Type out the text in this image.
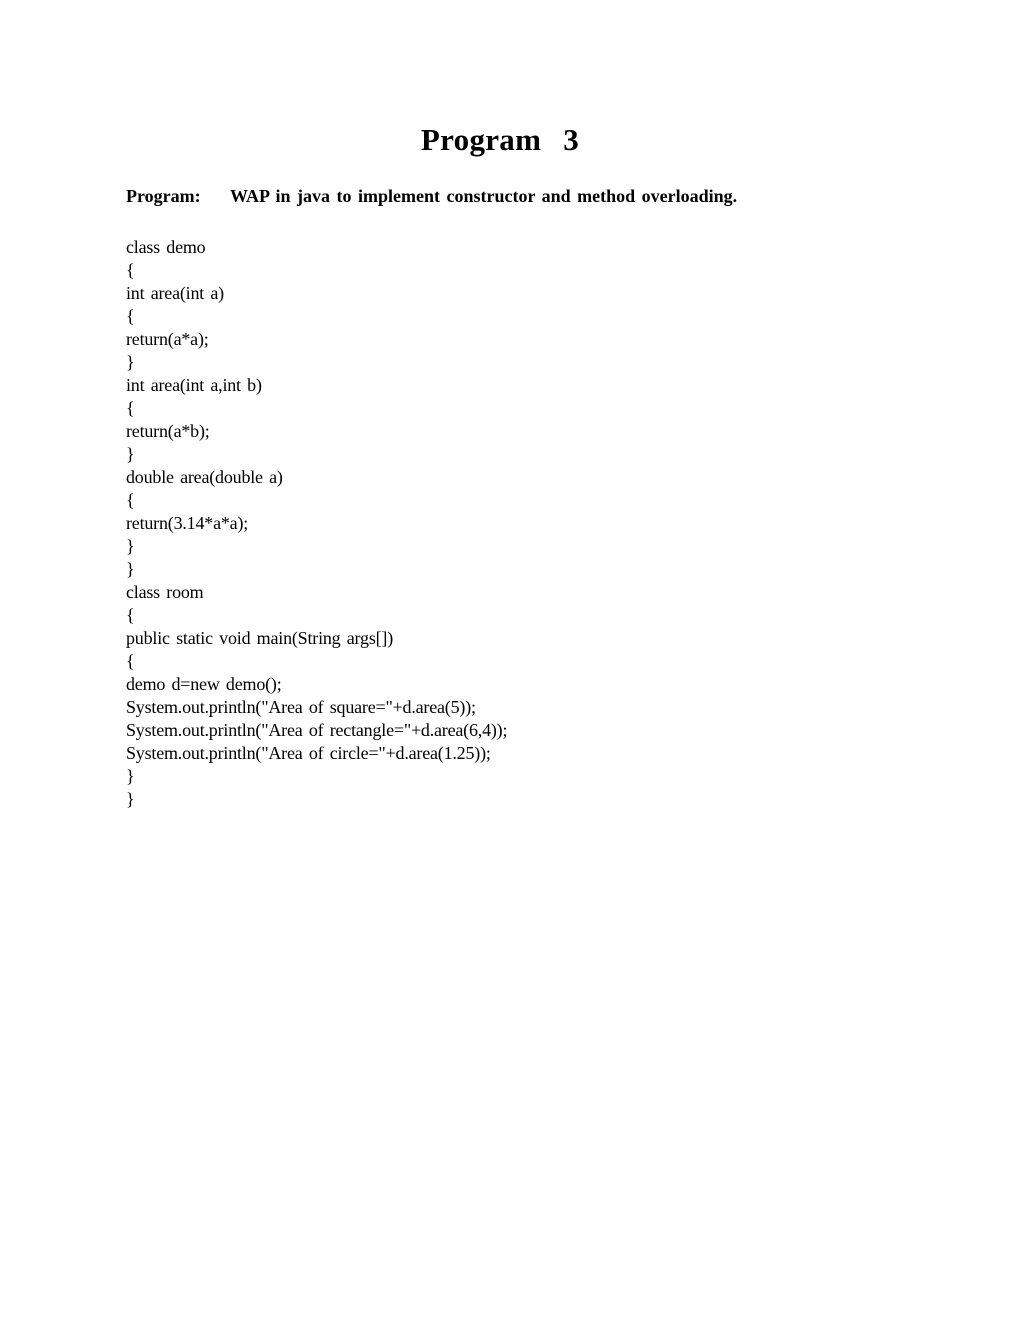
Program 3

Program:

WAP in java to implement constructor and method overloading.

class demo
{
int area(int a)
{
return(a*a);
}
int area(int a,int b)
{
return(a*b);
}
double area(double a)
{
return(3.14*a*a);
}
}
class room
{
public static void main(String args[])
{
demo d=new demo();
System.out.println("Area of square="+d.area(5));
System.out.println("Area of rectangle="+d.area(6,4));
System.out.println("Area of circle="+d.area(1.25));
}
}
